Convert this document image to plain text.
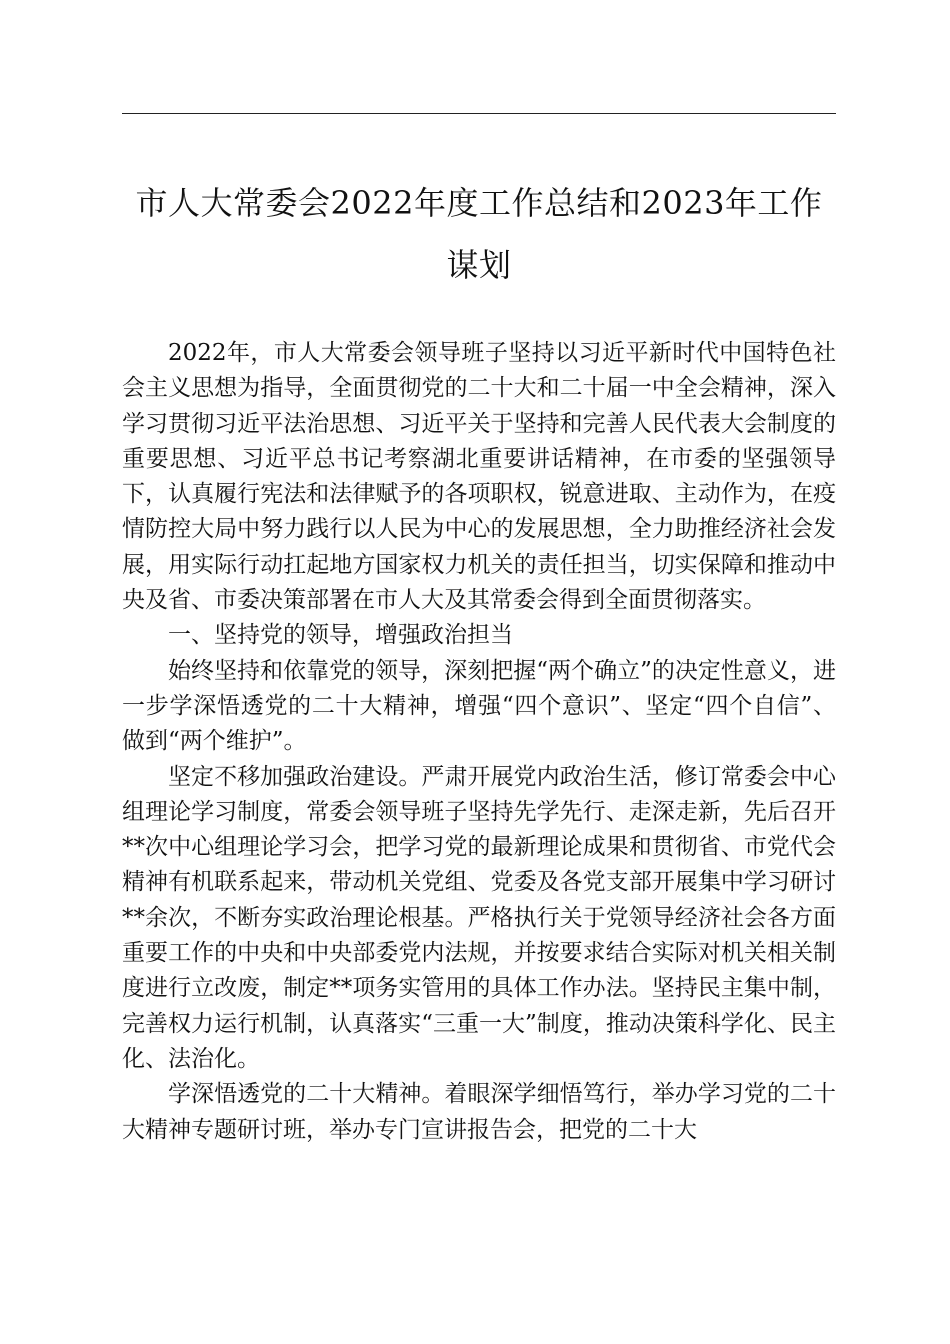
市人大常委会2022年度工作总结和2023年工作谋划

2022年，市人大常委会领导班子坚持以习近平新时代中国特色社会主义思想为指导，全面贯彻党的二十大和二十届一中全会精神，深入学习贯彻习近平法治思想、习近平关于坚持和完善人民代表大会制度的重要思想、习近平总书记考察湖北重要讲话精神，在市委的坚强领导下，认真履行宪法和法律赋予的各项职权，锐意进取、主动作为，在疫情防控大局中努力践行以人民为中心的发展思想，全力助推经济社会发展，用实际行动扛起地方国家权力机关的责任担当，切实保障和推动中央及省、市委决策部署在市人大及其常委会得到全面贯彻落实。

一、坚持党的领导，增强政治担当

始终坚持和依靠党的领导，深刻把握“两个确立”的决定性意义，进一步学深悟透党的二十大精神，增强“四个意识”、坚定“四个自信”、做到“两个维护”。

坚定不移加强政治建设。严肃开展党内政治生活，修订常委会中心组理论学习制度，常委会领导班子坚持先学先行、走深走新，先后召开**次中心组理论学习会，把学习党的最新理论成果和贯彻省、市党代会精神有机联系起来，带动机关党组、党委及各党支部开展集中学习研讨**余次，不断夯实政治理论根基。严格执行关于党领导经济社会各方面重要工作的中央和中央部委党内法规，并按要求结合实际对机关相关制度进行立改废，制定**项务实管用的具体工作办法。坚持民主集中制，完善权力运行机制，认真落实“三重一大”制度，推动决策科学化、民主化、法治化。

学深悟透党的二十大精神。着眼深学细悟笃行，举办学习党的二十大精神专题研讨班，举办专门宣讲报告会，把党的二十大
